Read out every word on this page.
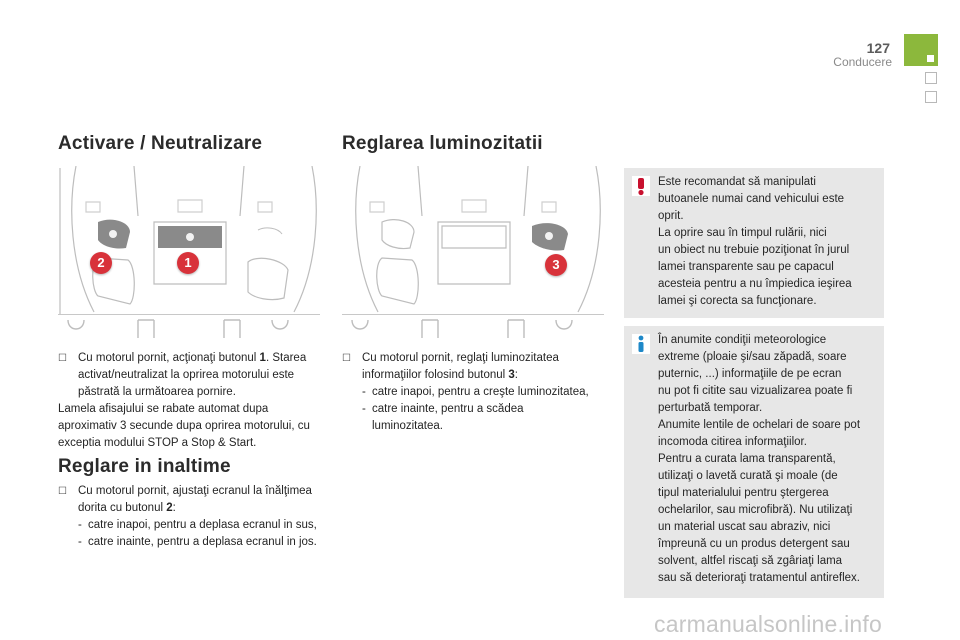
127
Conducere
Activare / Neutralizare	Reglarea luminozitatii
2	1	3

☐ Cu motorul pornit, acţionaţi butonul 1. Starea activat/neutralizat la oprirea motorului este păstrată la următoarea pornire.

Lamela afisajului se rabate automat dupa aproximativ 3 secunde dupa oprirea motorului, cu exceptia modului STOP a Stop & Start.

Reglare in inaltime

☐ Cu motorul pornit, ajustaţi ecranul la înălţimea dorita cu butonul 2:

- catre inapoi, pentru a deplasa ecranul in sus,

- catre inainte, pentru a deplasa ecranul in jos.

☐ Cu motorul pornit, reglaţi luminozitatea informaţiilor folosind butonul 3:

- catre inapoi, pentru a creşte luminozitatea,

- catre inainte, pentru a scădea luminozitatea.

Este recomandat să manipulati

butoanele numai cand vehicului este

oprit.

La oprire sau în timpul rulării, nici

un obiect nu trebuie poziţionat în jurul

lamei transparente sau pe capacul

acesteia pentru a nu împiedica ieşirea

lamei şi corecta sa funcţionare.

În anumite condiţii meteorologice

extreme (ploaie şi/sau zăpadă, soare

puternic, ...) informaţiile de pe ecran

nu pot fi citite sau vizualizarea poate fi

perturbată temporar.

Anumite lentile de ochelari de soare pot

incomoda citirea informaţiilor.

Pentru a curata lama transparentă,

utilizaţi o lavetă curată şi moale (de

tipul materialului pentru ştergerea

ochelarilor, sau microfibră). Nu utilizaţi

un material uscat sau abraziv, nici

împreună cu un produs detergent sau

solvent, altfel riscaţi să zgâriaţi lama

sau să deterioraţi tratamentul antireflex.

carmanualsonline.info
